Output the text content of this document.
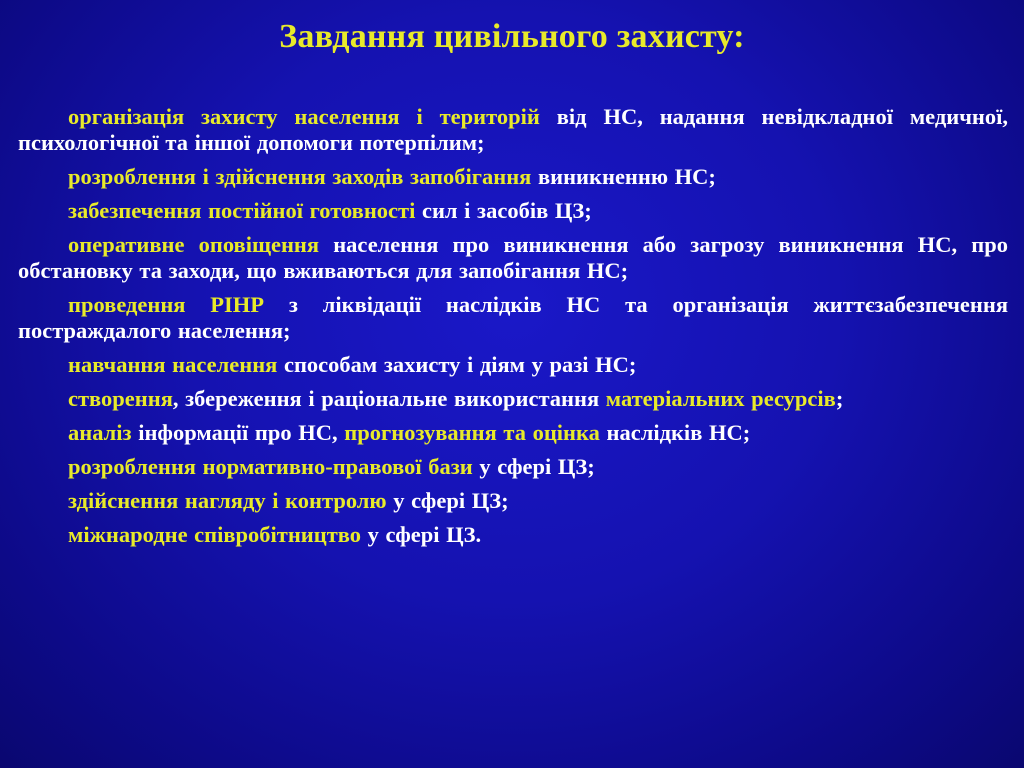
Завдання цивільного захисту:

організація захисту населення і територій від НС, надання невідкладної медичної, психологічної та іншої допомоги потерпілим;

розроблення і здійснення заходів запобігання виникненню НС;

забезпечення постійної готовності сил і засобів ЦЗ;

оперативне оповіщення населення про виникнення або загрозу виникнення НС, про обстановку та заходи, що вживаються для запобігання НС;

проведення РІНР з ліквідації наслідків НС та організація життєзабезпечення постраждалого населення;

навчання населення способам захисту і діям у разі НС;

створення, збереження і раціональне використання матеріальних ресурсів;

аналіз інформації про НС, прогнозування та оцінка наслідків НС;

розроблення нормативно-правової бази у сфері ЦЗ;

здійснення нагляду і контролю у сфері ЦЗ;

міжнародне співробітництво у сфері ЦЗ.
